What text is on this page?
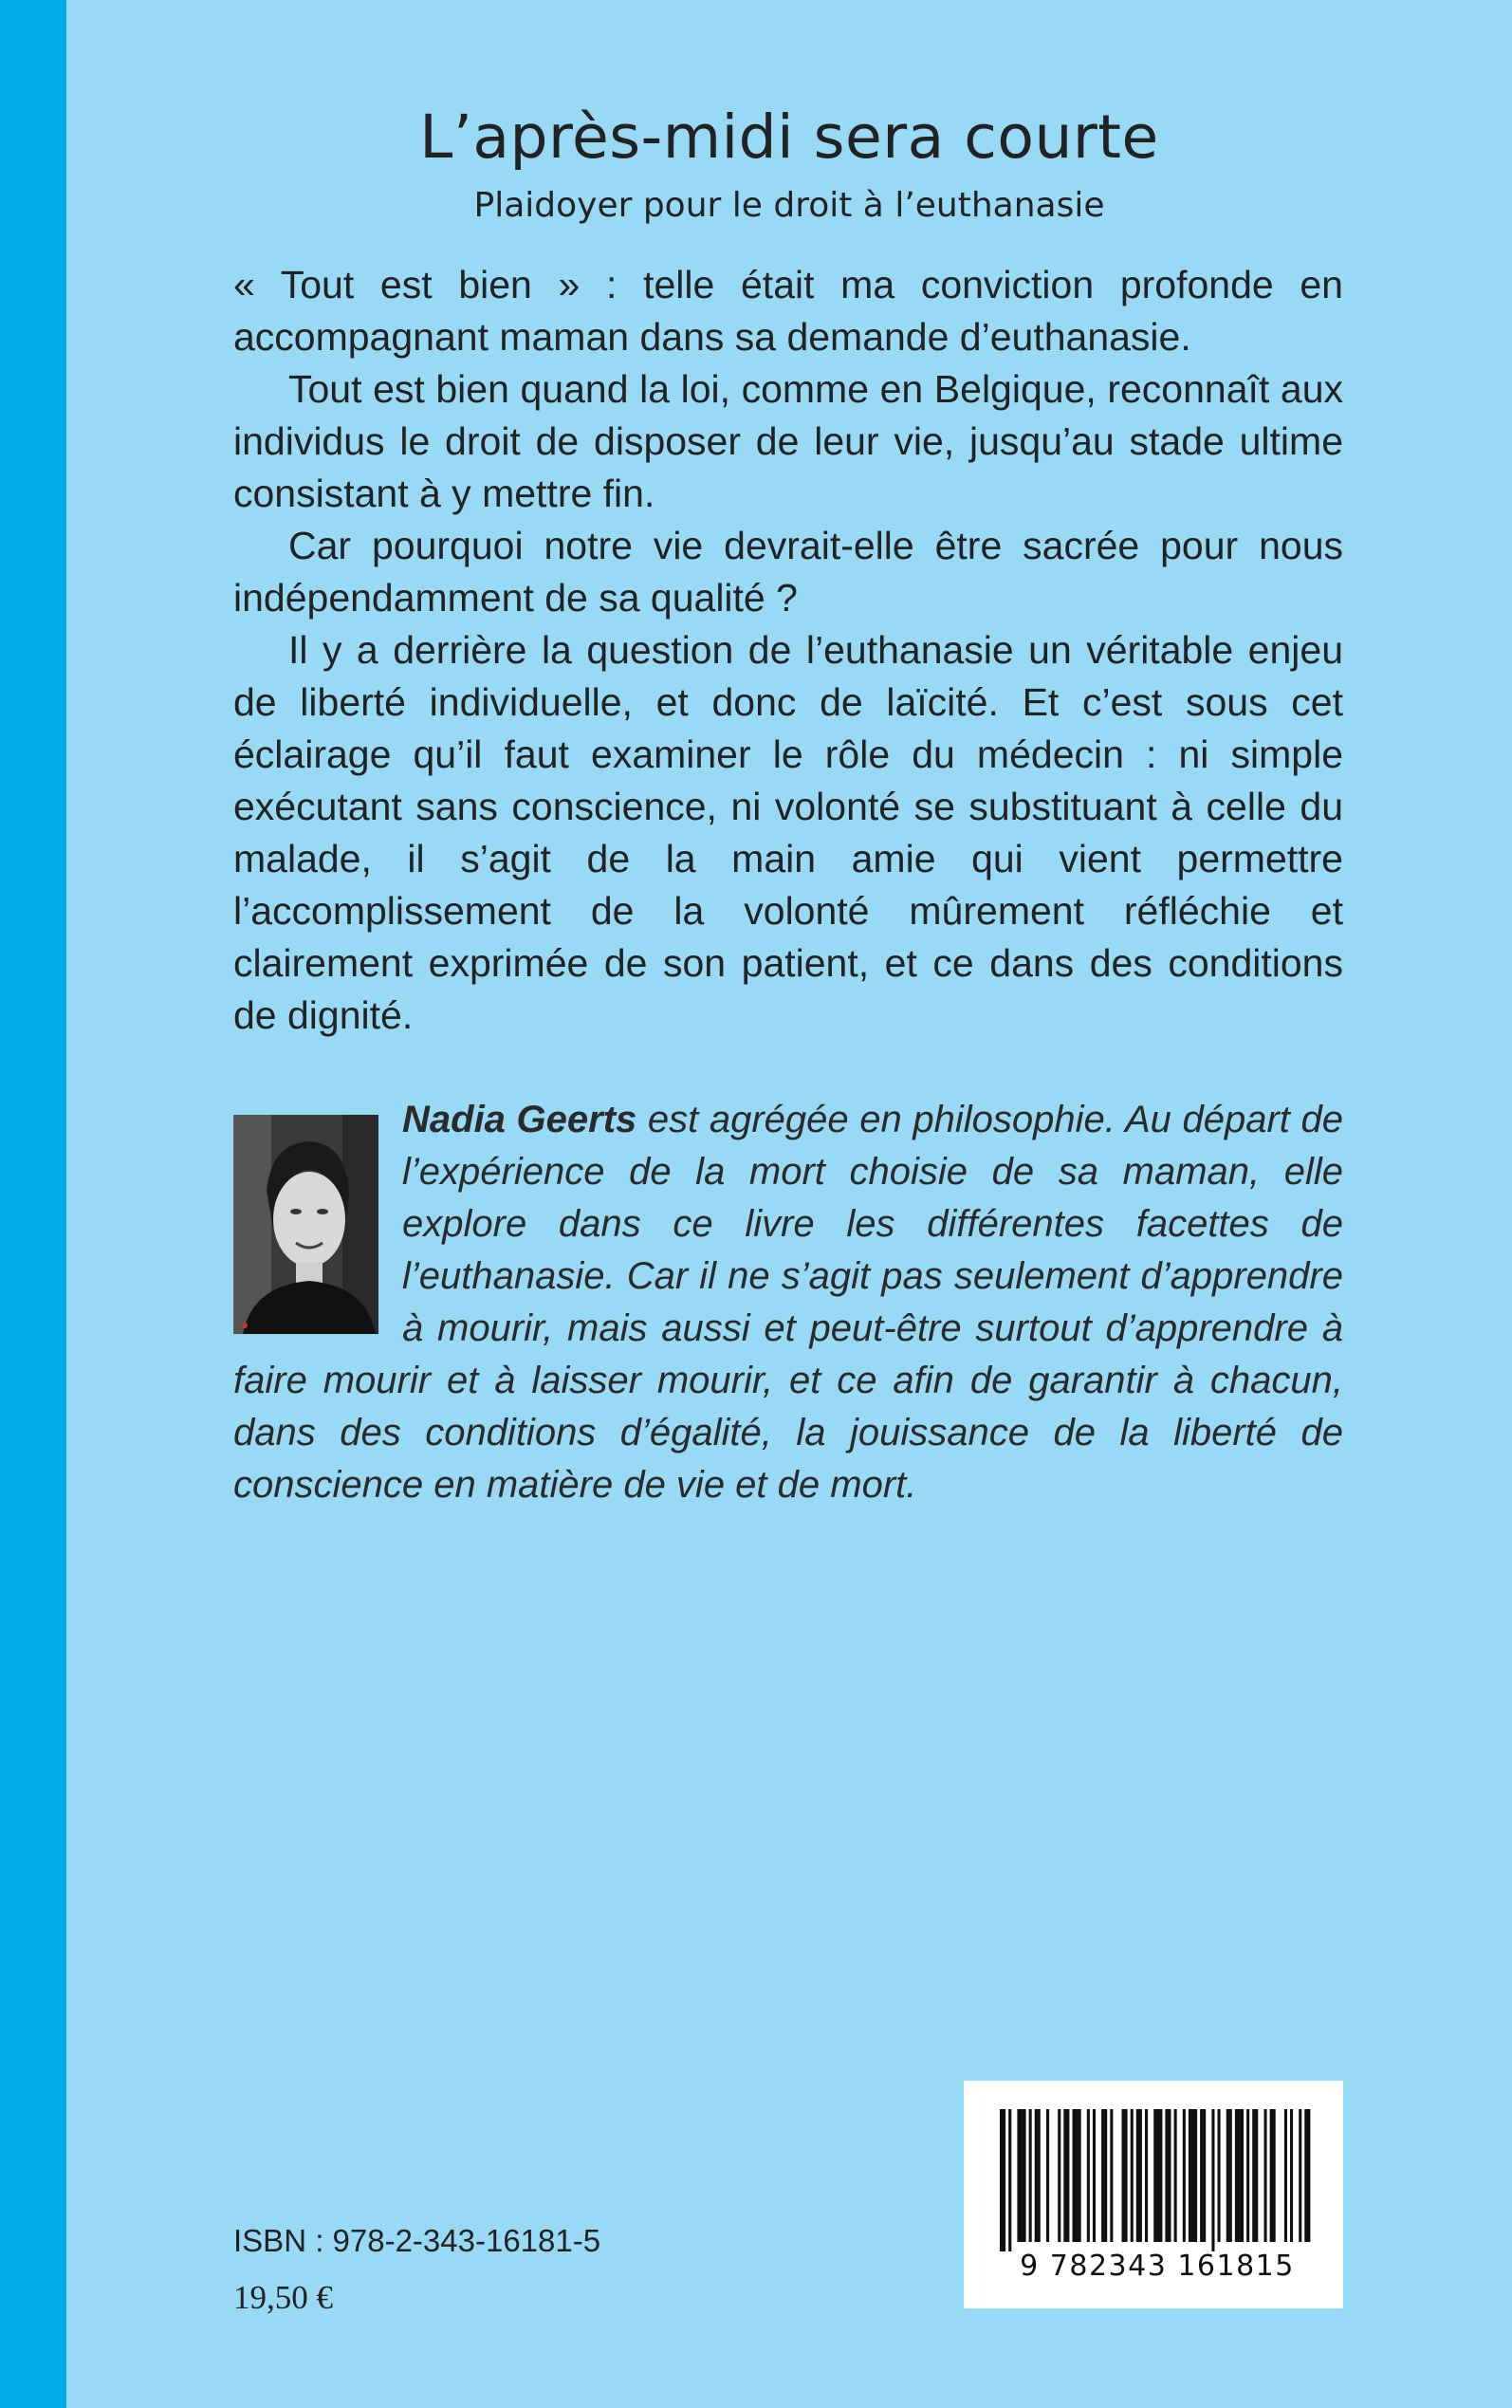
L’après-midi sera courte
Plaidoyer pour le droit à l’euthanasie

« Tout est bien » : telle était ma conviction profonde en accompagnant maman dans sa demande d’euthanasie.

Tout est bien quand la loi, comme en Belgique, reconnaît aux individus le droit de disposer de leur vie, jusqu’au stade ultime consistant à y mettre fin.

Car pourquoi notre vie devrait-elle être sacrée pour nous indépendamment de sa qualité ?

Il y a derrière la question de l’euthanasie un véritable enjeu de liberté individuelle, et donc de laïcité. Et c’est sous cet éclairage qu’il faut examiner le rôle du médecin : ni simple exécutant sans conscience, ni volonté se substituant à celle du malade, il s’agit de la main amie qui vient permettre l’accomplissement de la volonté mûrement réfléchie et clairement exprimée de son patient, et ce dans des conditions de dignité.

Nadia Geerts est agrégée en philosophie. Au départ de l’expérience de la mort choisie de sa maman, elle explore dans ce livre les différentes facettes de l’euthanasie. Car il ne s’agit pas seulement d’apprendre à mourir, mais aussi et peut-être surtout d’apprendre à faire mourir et à laisser mourir, et ce afin de garantir à chacun, dans des conditions d’égalité, la jouissance de la liberté de conscience en matière de vie et de mort.
9 782343 161815
ISBN : 978-2-343-16181-5
19,50 €
